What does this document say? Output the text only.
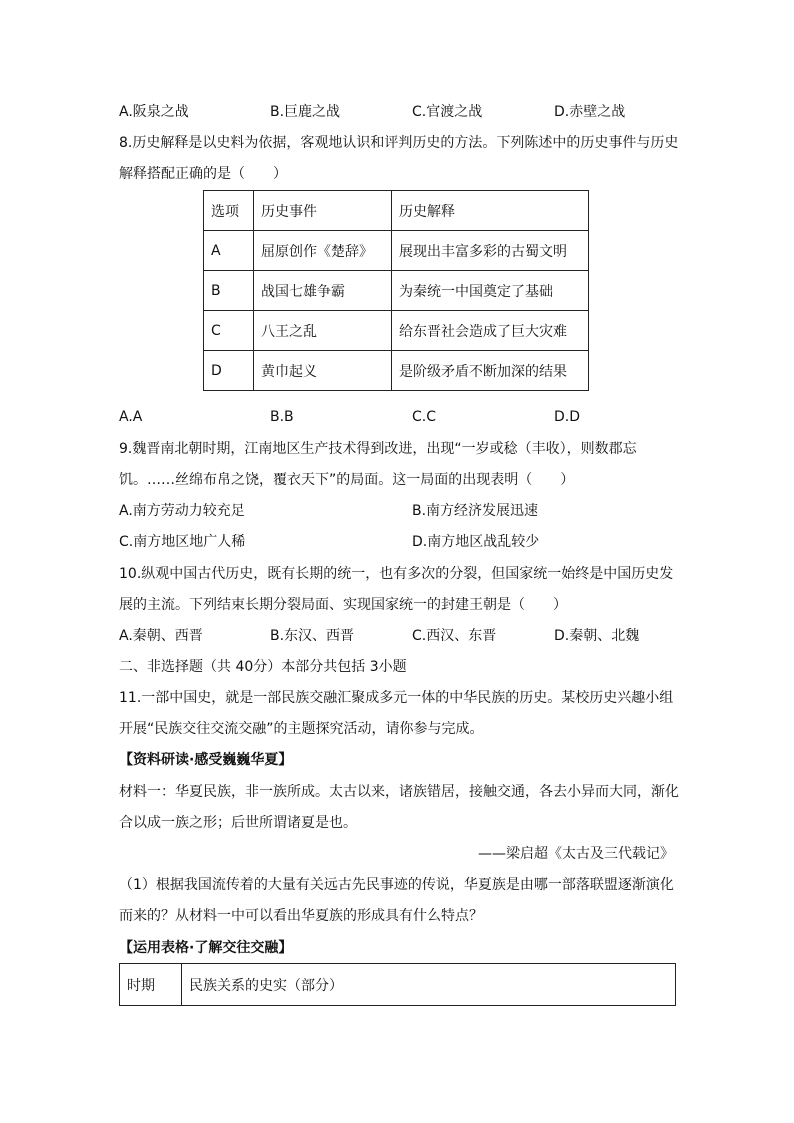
A.阪泉之战	B.巨鹿之战	C.官渡之战	D.赤壁之战
8.历史解释是以史料为依据，客观地认识和评判历史的方法。下列陈述中的历史事件与历史
解释搭配正确的是（　　）
选项	历史事件	历史解释
A	屈原创作《楚辞》	展现出丰富多彩的古蜀文明
B	战国七雄争霸	为秦统一中国奠定了基础
C	八王之乱	给东晋社会造成了巨大灾难
D	黄巾起义	是阶级矛盾不断加深的结果
A.A	B.B	C.C	D.D
9.魏晋南北朝时期，江南地区生产技术得到改进，出现“一岁或稔（丰收），则数郡忘
饥。……丝绵布帛之饶，覆衣天下”的局面。这一局面的出现表明（　　）
A.南方劳动力较充足	B.南方经济发展迅速
C.南方地区地广人稀	D.南方地区战乱较少
10.纵观中国古代历史，既有长期的统一，也有多次的分裂，但国家统一始终是中国历史发
展的主流。下列结束长期分裂局面、实现国家统一的封建王朝是（　　）
A.秦朝、西晋	B.东汉、西晋	C.西汉、东晋	D.秦朝、北魏
二、非选择题（共 40分）本部分共包括 3小题
11.一部中国史，就是一部民族交融汇聚成多元一体的中华民族的历史。某校历史兴趣小组
开展“民族交往交流交融”的主题探究活动，请你参与完成。
【资料研读·感受巍巍华夏】
材料一：华夏民族，非一族所成。太古以来，诸族错居，接触交通，各去小异而大同，渐化
合以成一族之形；后世所谓诸夏是也。
——梁启超《太古及三代载记》
（1）根据我国流传着的大量有关远古先民事迹的传说，华夏族是由哪一部落联盟逐渐演化
而来的？从材料一中可以看出华夏族的形成具有什么特点？
【运用表格·了解交往交融】
时期	民族关系的史实（部分）
